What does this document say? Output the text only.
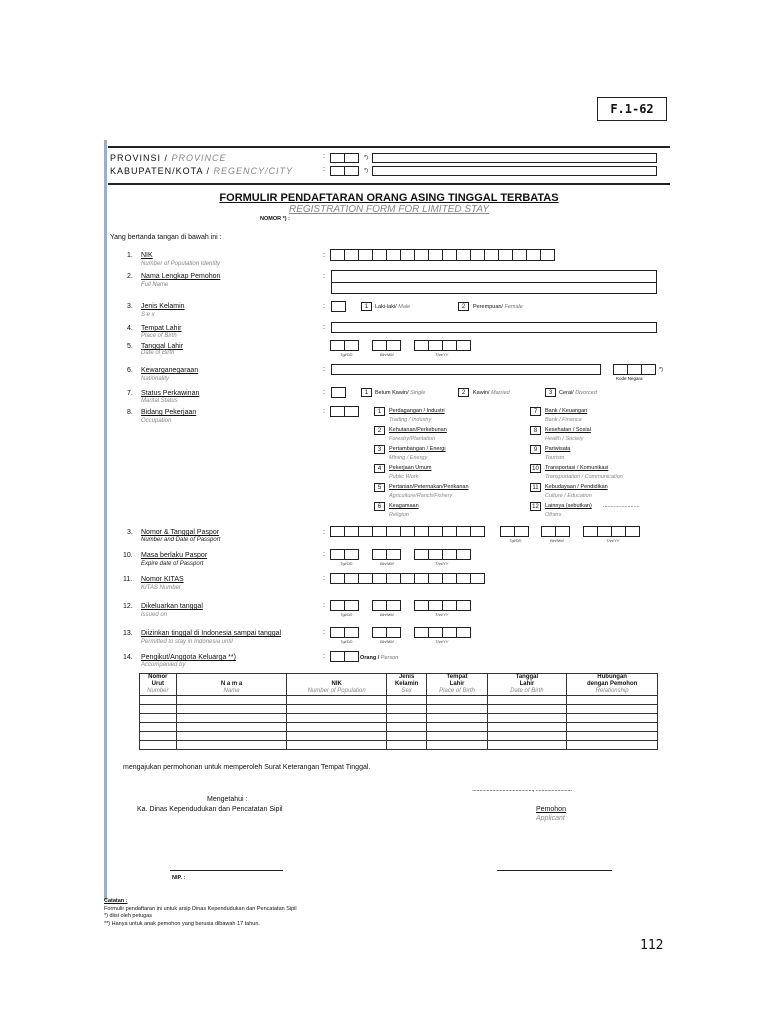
F.1-62
PROVINSI / PROVINCE
KABUPATEN/KOTA / REGENCY/CITY
:
:
*)
*)
FORMULIR PENDAFTARAN ORANG ASING TINGGAL TERBATAS
REGISTRATION FORM FOR LIMITED STAY
NOMOR *) :
Yang bertanda tangan di bawah ini :
1. NIK
Number of Population Identity
:
2. Nama Lengkap Pemohon
Full Name
:
3. Jenis Kelamin
S e x
:	1	Laki-laki/ Male	2	Perempuan/ Female
4. Tempat Lahir
Place of Birth
:
5. Tanggal Lahir
Date of Birth	Tgl/DD	Bln/MM	Thn/YY
6. Kewarganegaraan
Nationality
:	*)
Kode Negara
7. Status Perkawinan
Marital Status
:	1	Belum Kawin/ Single	2	Kawin/ Married	3	Cerai/ Divorced
8. Bidang Pekerjaan
Occupation
:	1	Perdagangan / Industri
Trading / Industry
2	Kehutanan/Perkebunan
Forestry/Plantation
3	Pertambangan / Energi
Mining / Energy
4	Pekerjaan Umum
Public Work
5	Pertanian/Peternakan/Perikanan
Agriculture/Ranch/Fishery
6	Keagamaan
Religion
7	Bank / Keuangan
Bank / Finance
8	Kesehatan / Sosial
Health / Society
9	Pariwisata
Tourism
10	Transportasi / Komunikasi
Transportation / Communication
11	Kebudayaan / Pendidikan
Culture / Education
12	Lainnya (sebutkan) ........................
Others
3. Nomor & Tanggal Paspor
Number and Date of Passport
:
Tgl/DD	Bln/MM	Thn/YY
10. Masa berlaku Paspor
Expire date of Passport
:
Tgl/DD	Bln/MM	Thn/YY
11. Nomor KITAS
KITAS Number
:
12. Dikeluarkan tanggal
Issued on
:
Tgl/DD	Bln/MM	Thn/YY
13. Diizinkan tinggal di Indonesia sampai tanggal
Permitted to stay in Indonesia until
:
Tgl/DD	Bln/MM	Thn/YY
14. Pengikut/Anggota Keluarga **)
Accompanied by
:	Orang / Person
Nomor			Jenis	Tempat	Tanggal	Hubungan
Urut	N a m a	NIK	Kelamin	Lahir	Lahir	dengan Pemohon
Number	Name	Number of Population	Sex	Place of Birth	Date of Birth	Relationship

mengajukan permohonan untuk memperoleh Surat Keterangan Tempat Tinggal.
.........................................., .........................
Mengetahui :
Ka. Dinas Kependudukan dan Pencatatan Sipil	Pemohon
Applicant
NIP. :
Catatan :
Formulir pendaftaran ini untuk arsip Dinas Kependudukan dan Pencatatan Sipil
*) diisi oleh petugas
**) Hanya untuk anak pemohon yang berusia dibawah 17 tahun.
112
